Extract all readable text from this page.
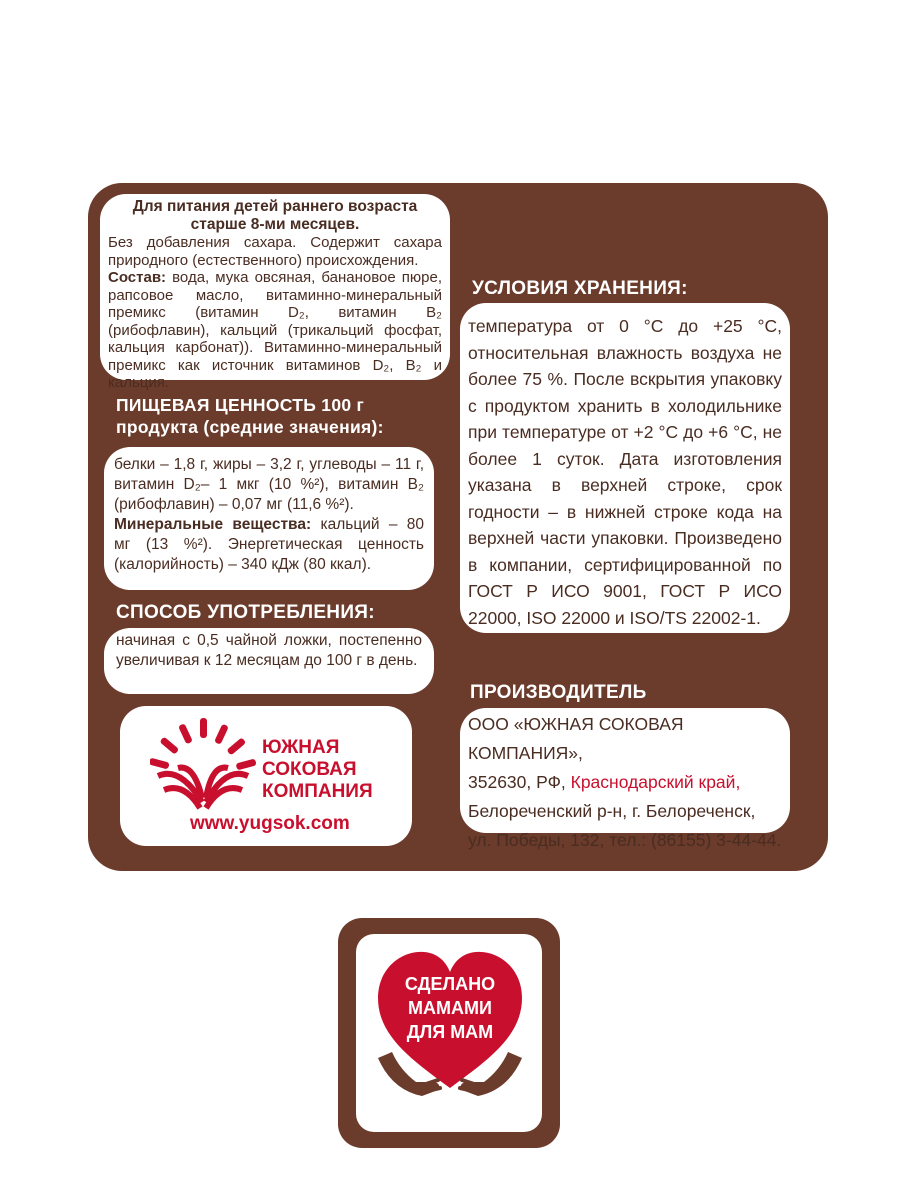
Для питания детей раннего возраста старше 8-ми месяцев.
Без добавления сахара. Содержит сахара природного (естественного) происхождения.
Состав: вода, мука овсяная, банановое пюре, рапсовое масло, витаминно-минеральный премикс (витамин D₂, витамин B₂ (рибофлавин), кальций (трикальций фосфат, кальция карбонат)). Витаминно-минеральный премикс как источник витаминов D₂, B₂ и кальция.
ПИЩЕВАЯ ЦЕННОСТЬ 100 г
продукта (средние значения):
белки – 1,8 г, жиры – 3,2 г, углеводы – 11 г, витамин D₂– 1 мкг (10 %²), витамин B₂ (рибофлавин) – 0,07 мг (11,6 %²).
Минеральные вещества: кальций – 80 мг (13 %²). Энергетическая ценность (калорийность) – 340 кДж (80 ккал).
СПОСОБ УПОТРЕБЛЕНИЯ:
начиная с 0,5 чайной ложки, постепенно увеличивая к 12 месяцам до 100 г в день.
ЮЖНАЯ
СОКОВАЯ
КОМПАНИЯ
www.yugsok.com
УСЛОВИЯ ХРАНЕНИЯ:
температура от 0 °С до +25 °С, относительная влажность воздуха не более 75 %. После вскрытия упаковку с продуктом хранить в холодильнике при температуре от +2 °С до +6 °С, не более 1 суток. Дата изготовления указана в верхней строке, срок годности – в нижней строке кода на верхней части упаковки. Произведено в компании, сертифицированной по ГОСТ Р ИСО 9001, ГОСТ Р ИСО 22000, ISO 22000 и ISO/TS 22002-1.
ПРОИЗВОДИТЕЛЬ
ООО «ЮЖНАЯ СОКОВАЯ КОМПАНИЯ»,
352630, РФ, Краснодарский край,
Белореченский р-н, г. Белореченск,
ул. Победы, 132, тел.: (86155) 3-44-44.
СДЕЛАНО
МАМАМИ
ДЛЯ МАМ
